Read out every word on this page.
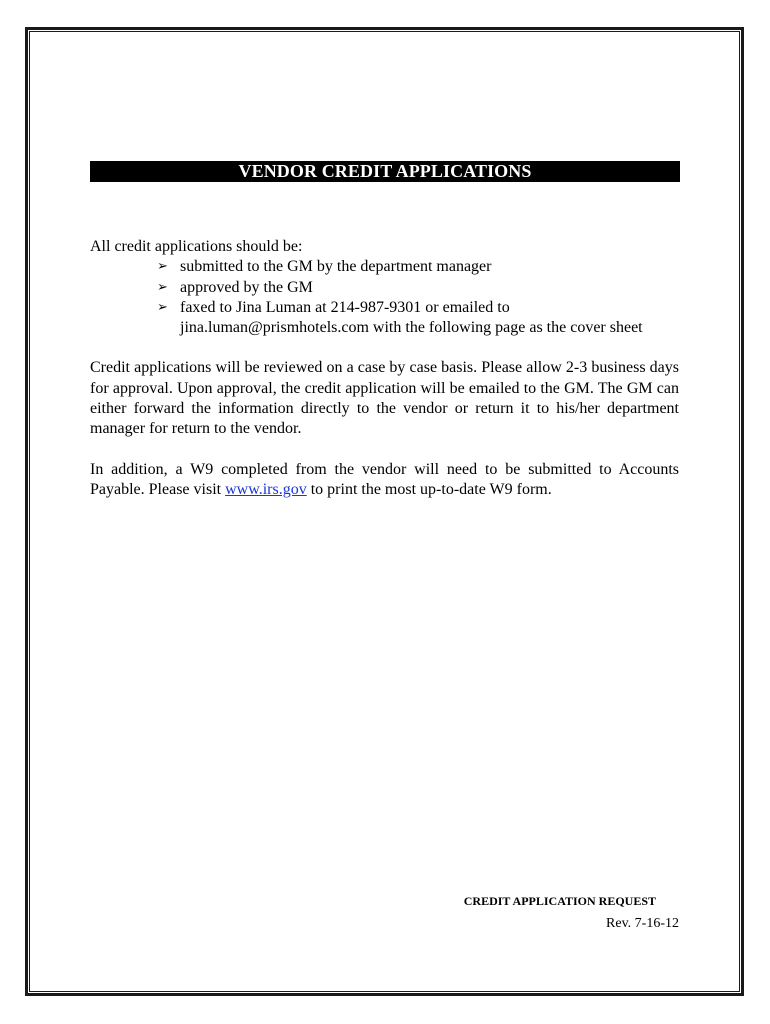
VENDOR CREDIT APPLICATIONS

All credit applications should be:

➢ submitted to the GM by the department manager
➢ approved by the GM
➢ faxed to Jina Luman at 214-987-9301 or emailed to jina.luman@prismhotels.com with the following page as the cover sheet

Credit applications will be reviewed on a case by case basis. Please allow 2-3 business days for approval. Upon approval, the credit application will be emailed to the GM. The GM can either forward the information directly to the vendor or return it to his/her department manager for return to the vendor.

In addition, a W9 completed from the vendor will need to be submitted to Accounts Payable. Please visit www.irs.gov to print the most up-to-date W9 form.

CREDIT APPLICATION REQUEST
Rev. 7-16-12
